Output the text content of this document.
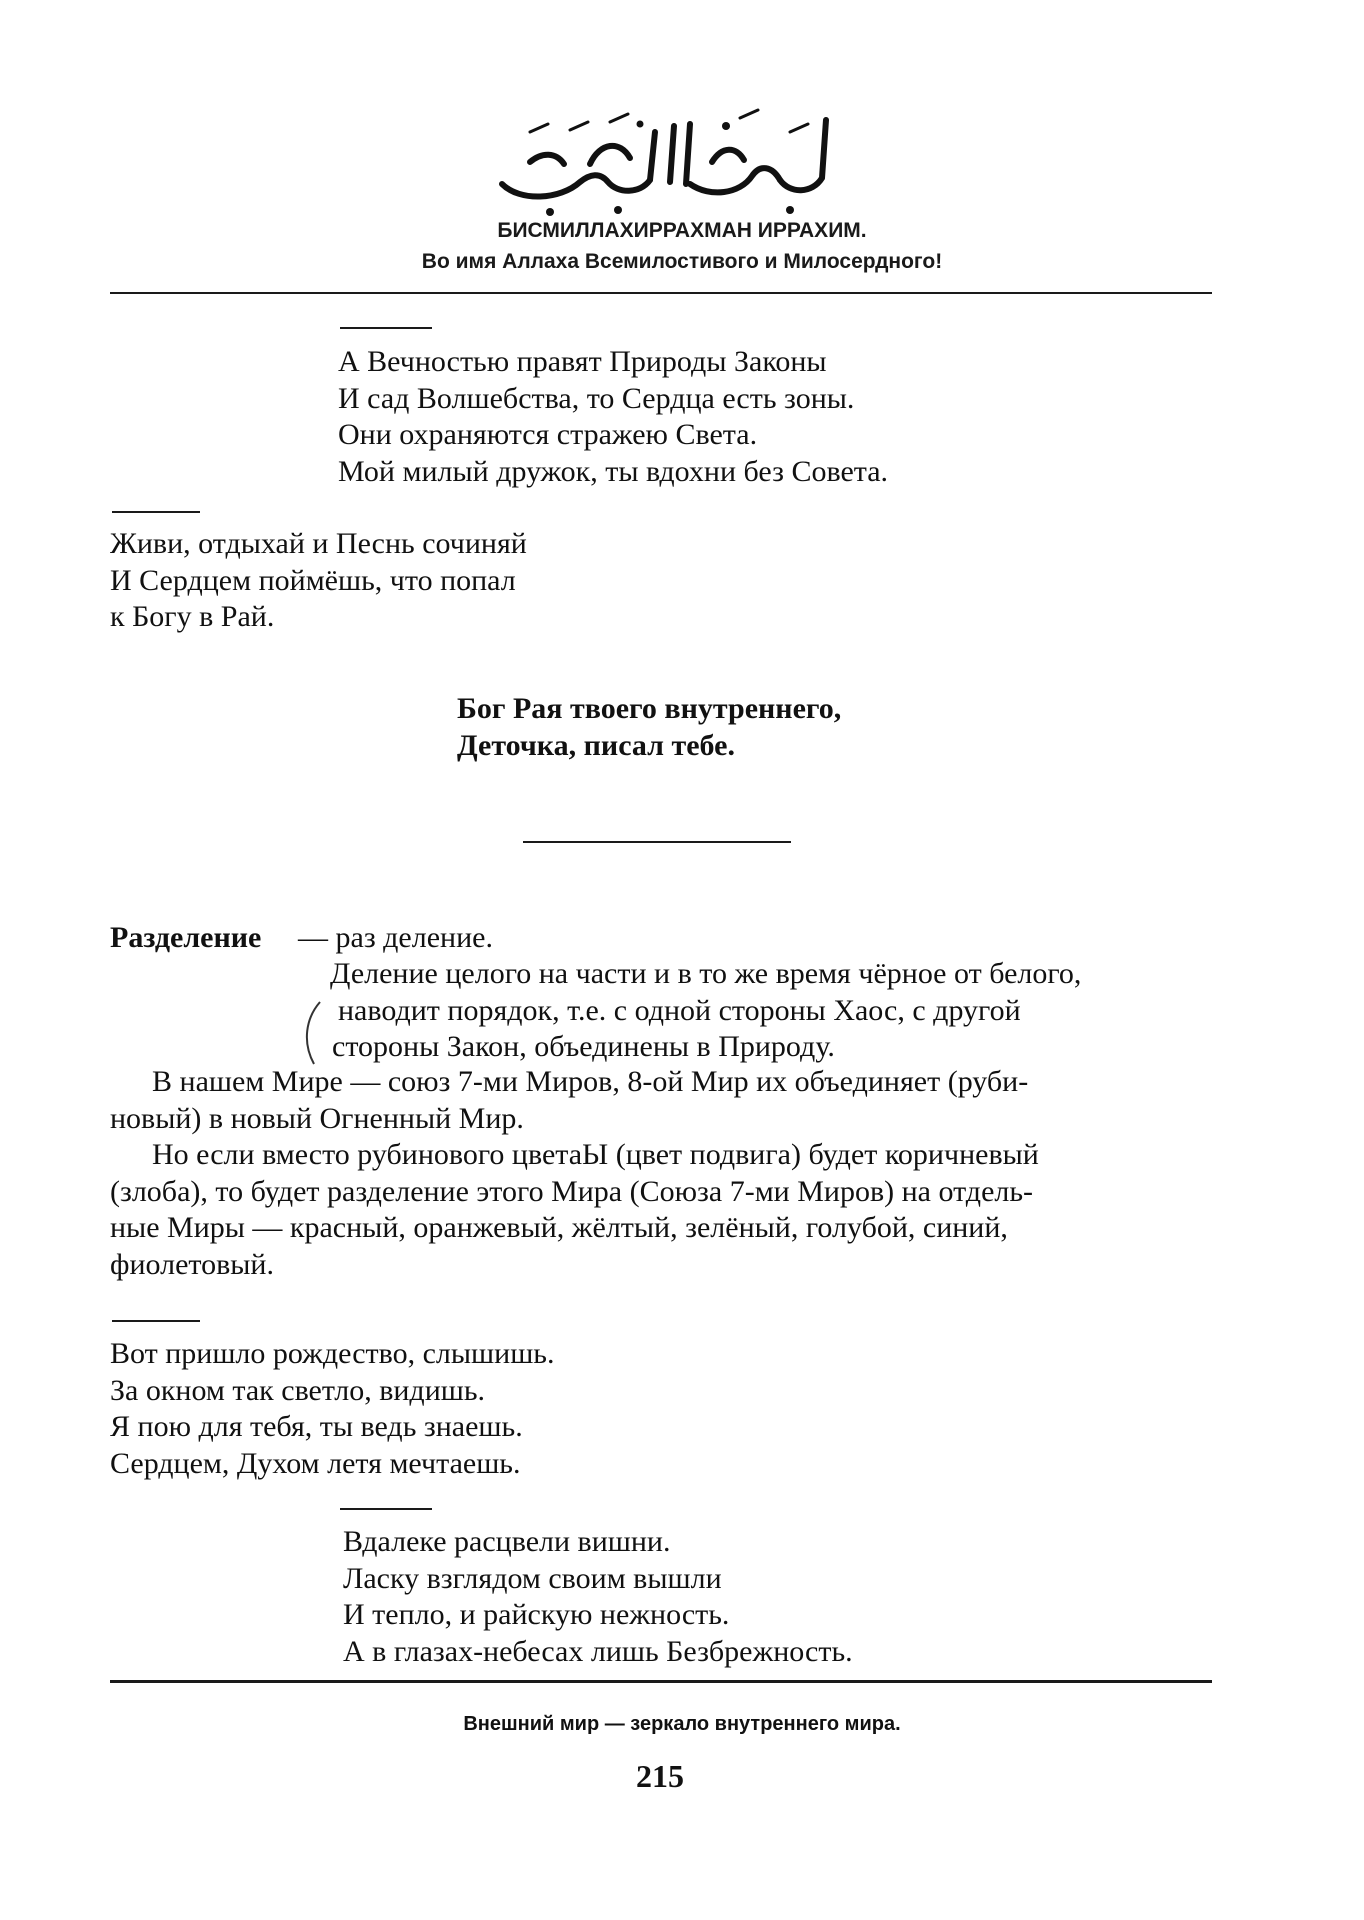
БИСМИЛЛАХИРРАХМАН ИРРАХИМ.
Во имя Аллаха Всемилостивого и Милосердного!
А Вечностью правят Природы Законы
И сад Волшебства, то Сердца есть зоны.
Они охраняются стражею Света.
Мой милый дружок, ты вдохни без Совета.
Живи, отдыхай и Песнь сочиняй
И Сердцем поймёшь, что попал
к Богу в Рай.
Бог Рая твоего внутреннего,
Деточка, писал тебе.
Разделение — раз деление.
Деление целого на части и в то же время чёрное от белого,
наводит порядок, т.е. с одной стороны Хаос, с другой
стороны Закон, объединены в Природу.
В нашем Мире — союз 7-ми Миров, 8-ой Мир их объединяет (руби-
новый) в новый Огненный Мир.
Но если вместо рубинового цветаЫ (цвет подвига) будет коричневый
(злоба), то будет разделение этого Мира (Союза 7-ми Миров) на отдель-
ные Миры — красный, оранжевый, жёлтый, зелёный, голубой, синий,
фиолетовый.
Вот пришло рождество, слышишь.
За окном так светло, видишь.
Я пою для тебя, ты ведь знаешь.
Сердцем, Духом летя мечтаешь.
Вдалеке расцвели вишни.
Ласку взглядом своим вышли
И тепло, и райскую нежность.
А в глазах-небесах лишь Безбрежность.
Внешний мир — зеркало внутреннего мира.
215
